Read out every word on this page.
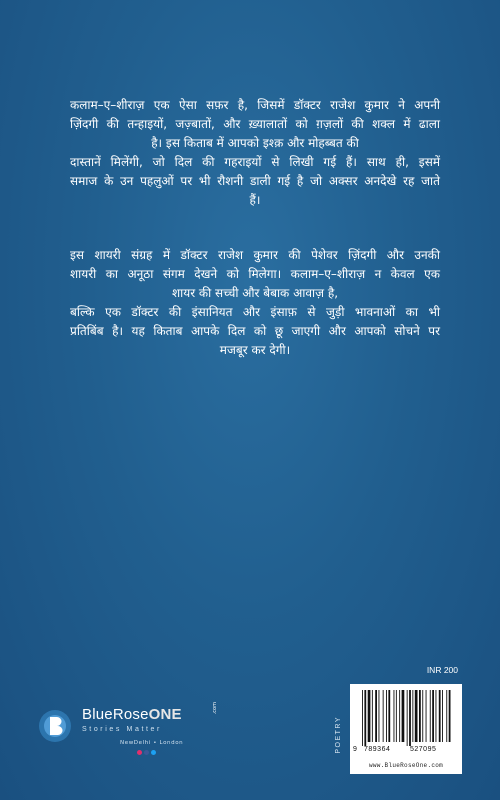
कलाम–ए–शीराज़ एक ऐसा सफ़र है, जिसमें डॉक्टर राजेश कुमार ने अपनी
ज़िंदगी की तन्हाइयों, जज़्बातों, और ख़्यालातों को ग़ज़लों की शक्ल में ढाला
है। इस किताब में आपको इश्क़ और मोहब्बत की
दास्तानें मिलेंगी, जो दिल की गहराइयों से लिखी गई हैं। साथ ही, इसमें
समाज के उन पहलुओं पर भी रौशनी डाली गई है जो अक्सर अनदेखे रह जाते
हैं।
इस शायरी संग्रह में डॉक्टर राजेश कुमार की पेशेवर ज़िंदगी और उनकी
शायरी का अनूठा संगम देखने को मिलेगा। कलाम–ए–शीराज़ न केवल एक
शायर की सच्ची और बेबाक आवाज़ है,
बल्कि एक डॉक्टर की इंसानियत और इंसाफ़ से जुड़ी भावनाओं का भी
प्रतिबिंब है। यह किताब आपके दिल को छू जाएगी और आपको सोचने पर
मजबूर कर देगी।
BlueRoseONE	.com
Stories Matter
NewDelhi • London
INR 200
POETRY 9 789364	527095
www.BlueRoseOne.com
